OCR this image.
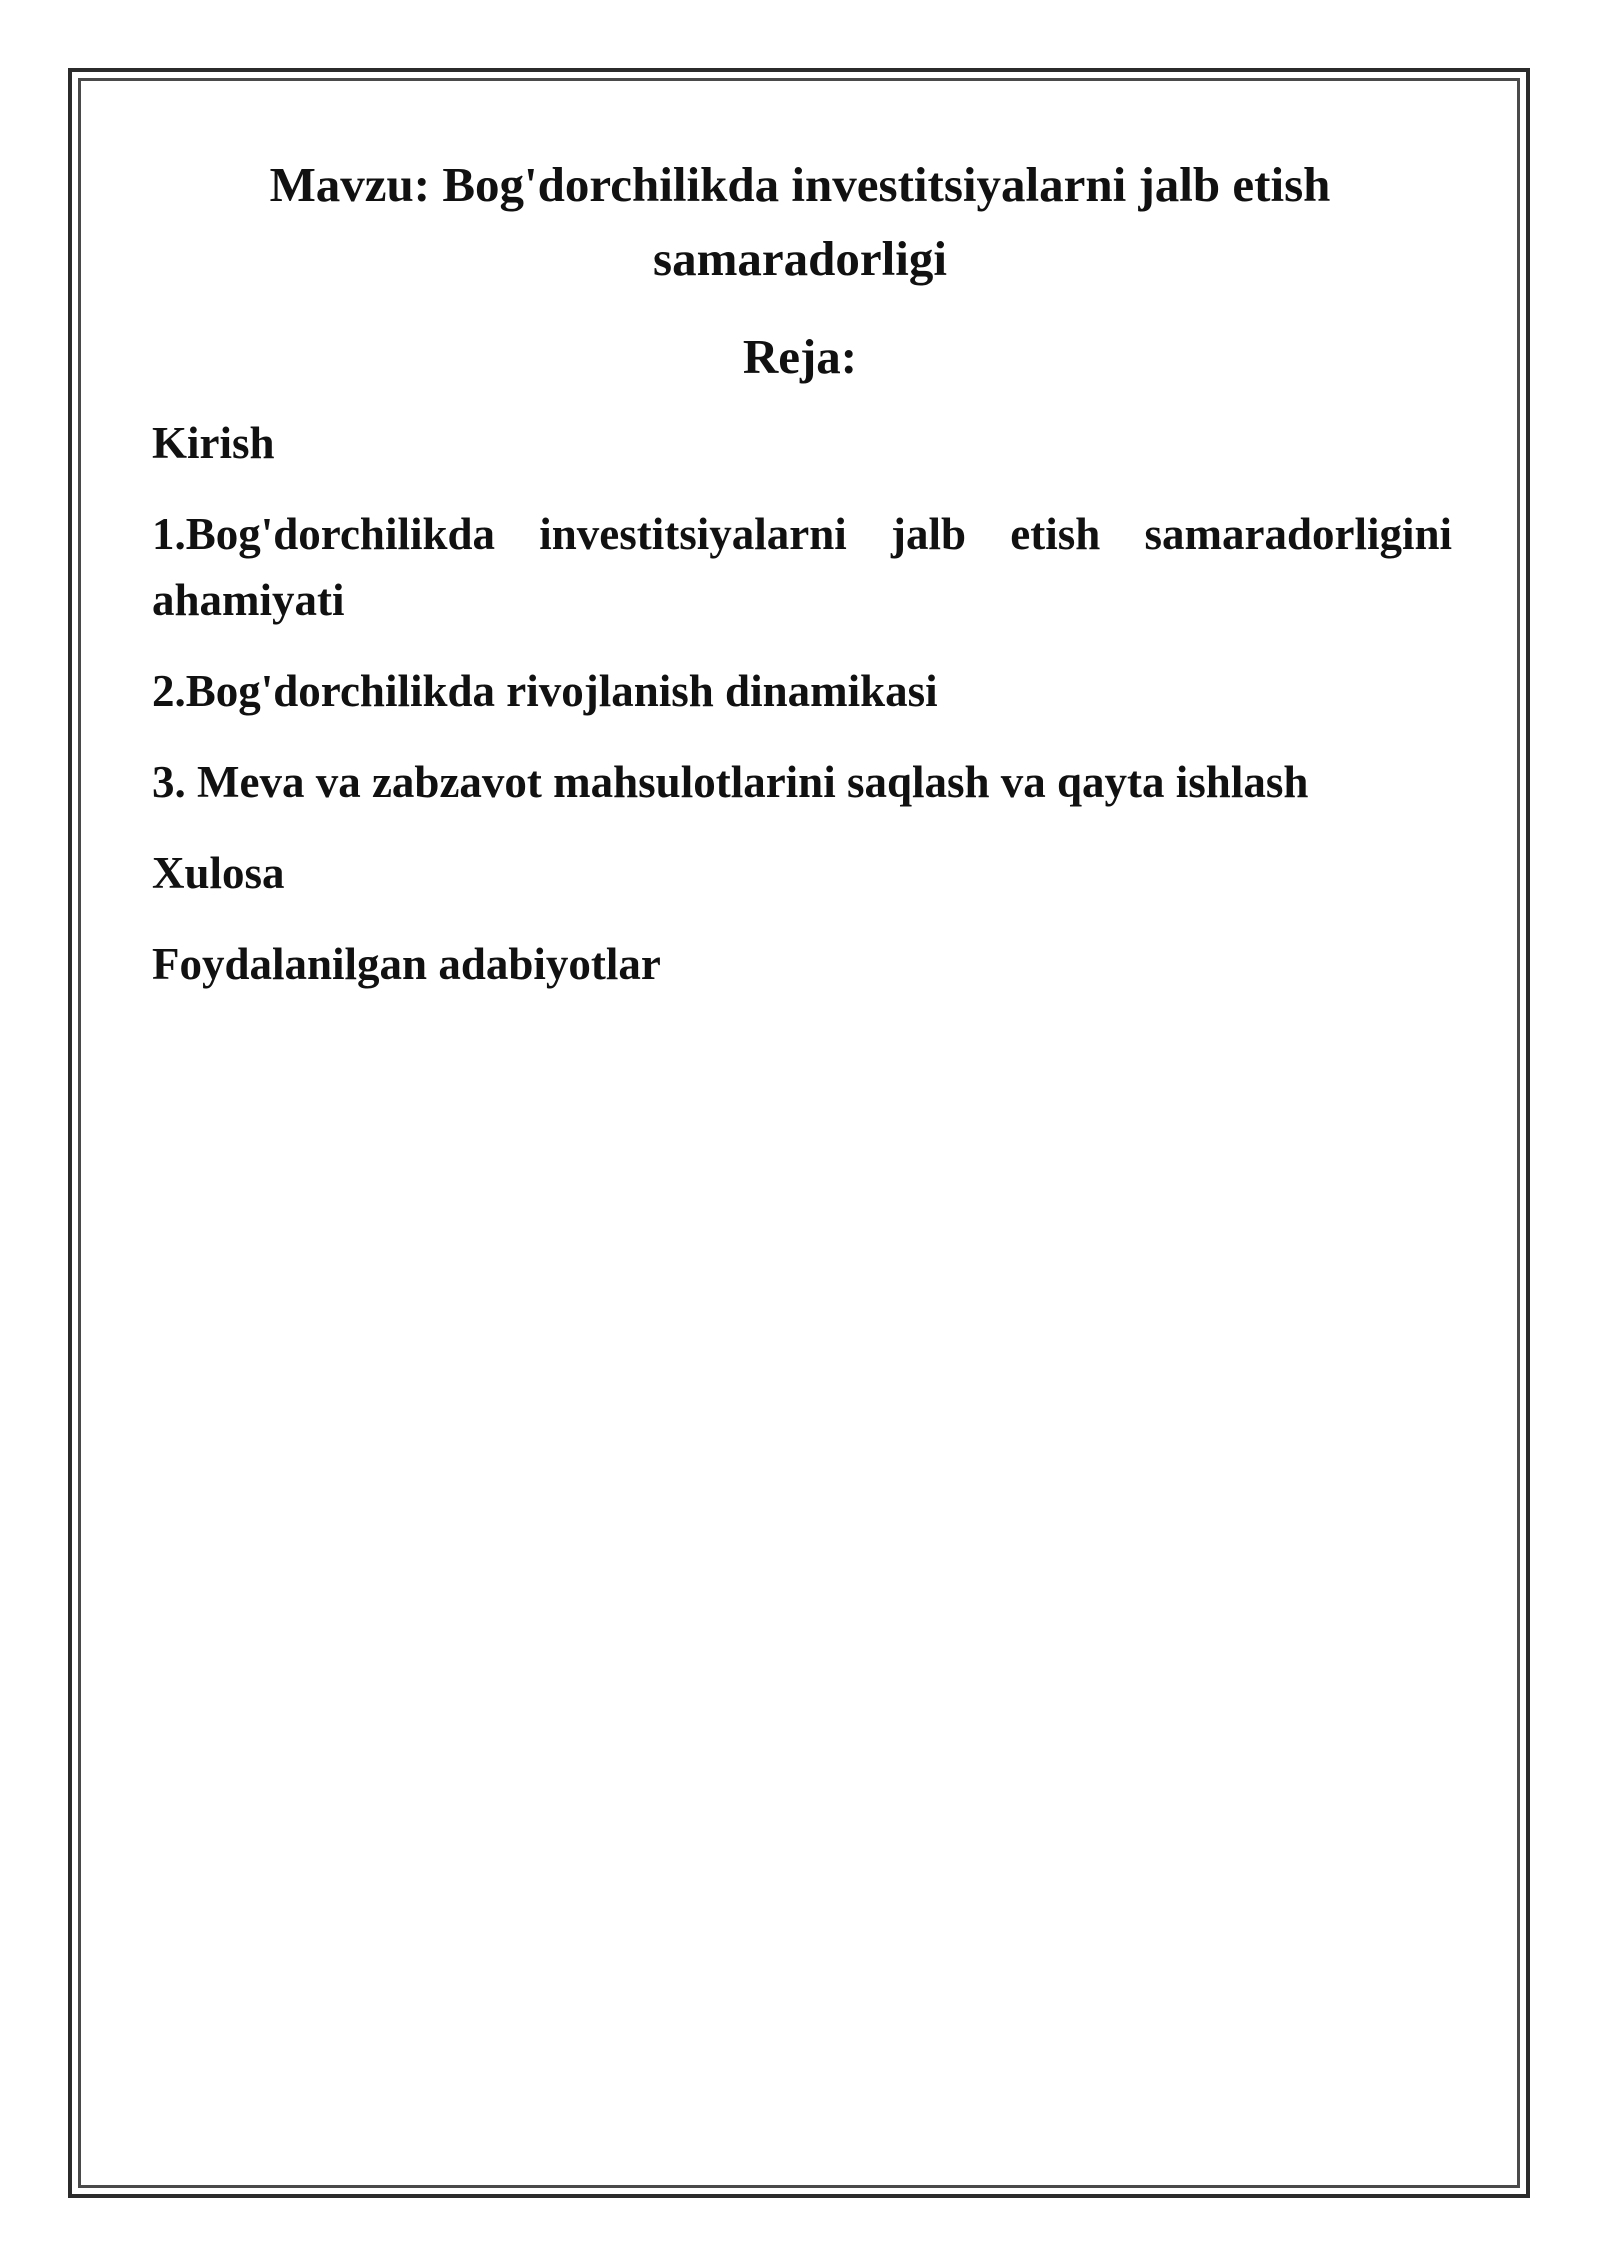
Mavzu: Bog'dorchilikda investitsiyalarni jalb etish samaradorligi
Reja:
Kirish
1.Bog'dorchilikda investitsiyalarni jalb etish samaradorligini ahamiyati
2.Bog'dorchilikda rivojlanish dinamikasi
3. Meva va zabzavot mahsulotlarini saqlash va qayta ishlash
Xulosa
Foydalanilgan adabiyotlar
